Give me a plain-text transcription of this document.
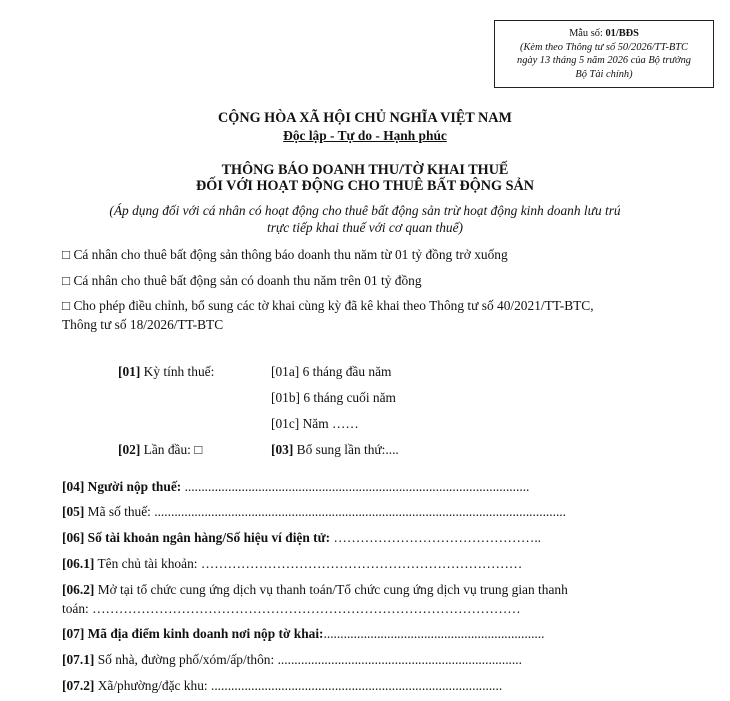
Mẫu số: 01/BĐS
(Kèm theo Thông tư số 50/2026/TT-BTC
ngày 13 tháng 5 năm 2026 của Bộ trưởng
Bộ Tài chính)
CỘNG HÒA XÃ HỘI CHỦ NGHĨA VIỆT NAM
Độc lập - Tự do - Hạnh phúc
THÔNG BÁO DOANH THU/TỜ KHAI THUẾ
ĐỐI VỚI HOẠT ĐỘNG CHO THUÊ BẤT ĐỘNG SẢN
(Áp dụng đối với cá nhân có hoạt động cho thuê bất động sản trừ hoạt động kinh doanh lưu trú
trực tiếp khai thuế với cơ quan thuế)
□ Cá nhân cho thuê bất động sản thông báo doanh thu năm từ 01 tỷ đồng trở xuống
□ Cá nhân cho thuê bất động sản có doanh thu năm trên 01 tỷ đồng
□ Cho phép điều chỉnh, bổ sung các tờ khai cùng kỳ đã kê khai theo Thông tư số 40/2021/TT-BTC,
Thông tư số 18/2026/TT-BTC
[01] Kỳ tính thuế:	[01a] 6 tháng đầu năm
[01b] 6 tháng cuối năm
[01c] Năm ……
[02] Lần đầu: □	[03] Bổ sung lần thứ:....
[04] Người nộp thuế: .......................................................................................................
[05] Mã số thuế: ...........................................................................................................................
[06] Số tài khoản ngân hàng/Số hiệu ví điện tử: ………………………………………..
[06.1] Tên chủ tài khoản: ………………………………………………………………
[06.2] Mở tại tổ chức cung ứng dịch vụ thanh toán/Tổ chức cung ứng dịch vụ trung gian thanh
toán: ……………………………………………………………………………………
[07] Mã địa điểm kinh doanh nơi nộp tờ khai:..................................................................
[07.1] Số nhà, đường phố/xóm/ấp/thôn: .........................................................................
[07.2] Xã/phường/đặc khu: .......................................................................................
